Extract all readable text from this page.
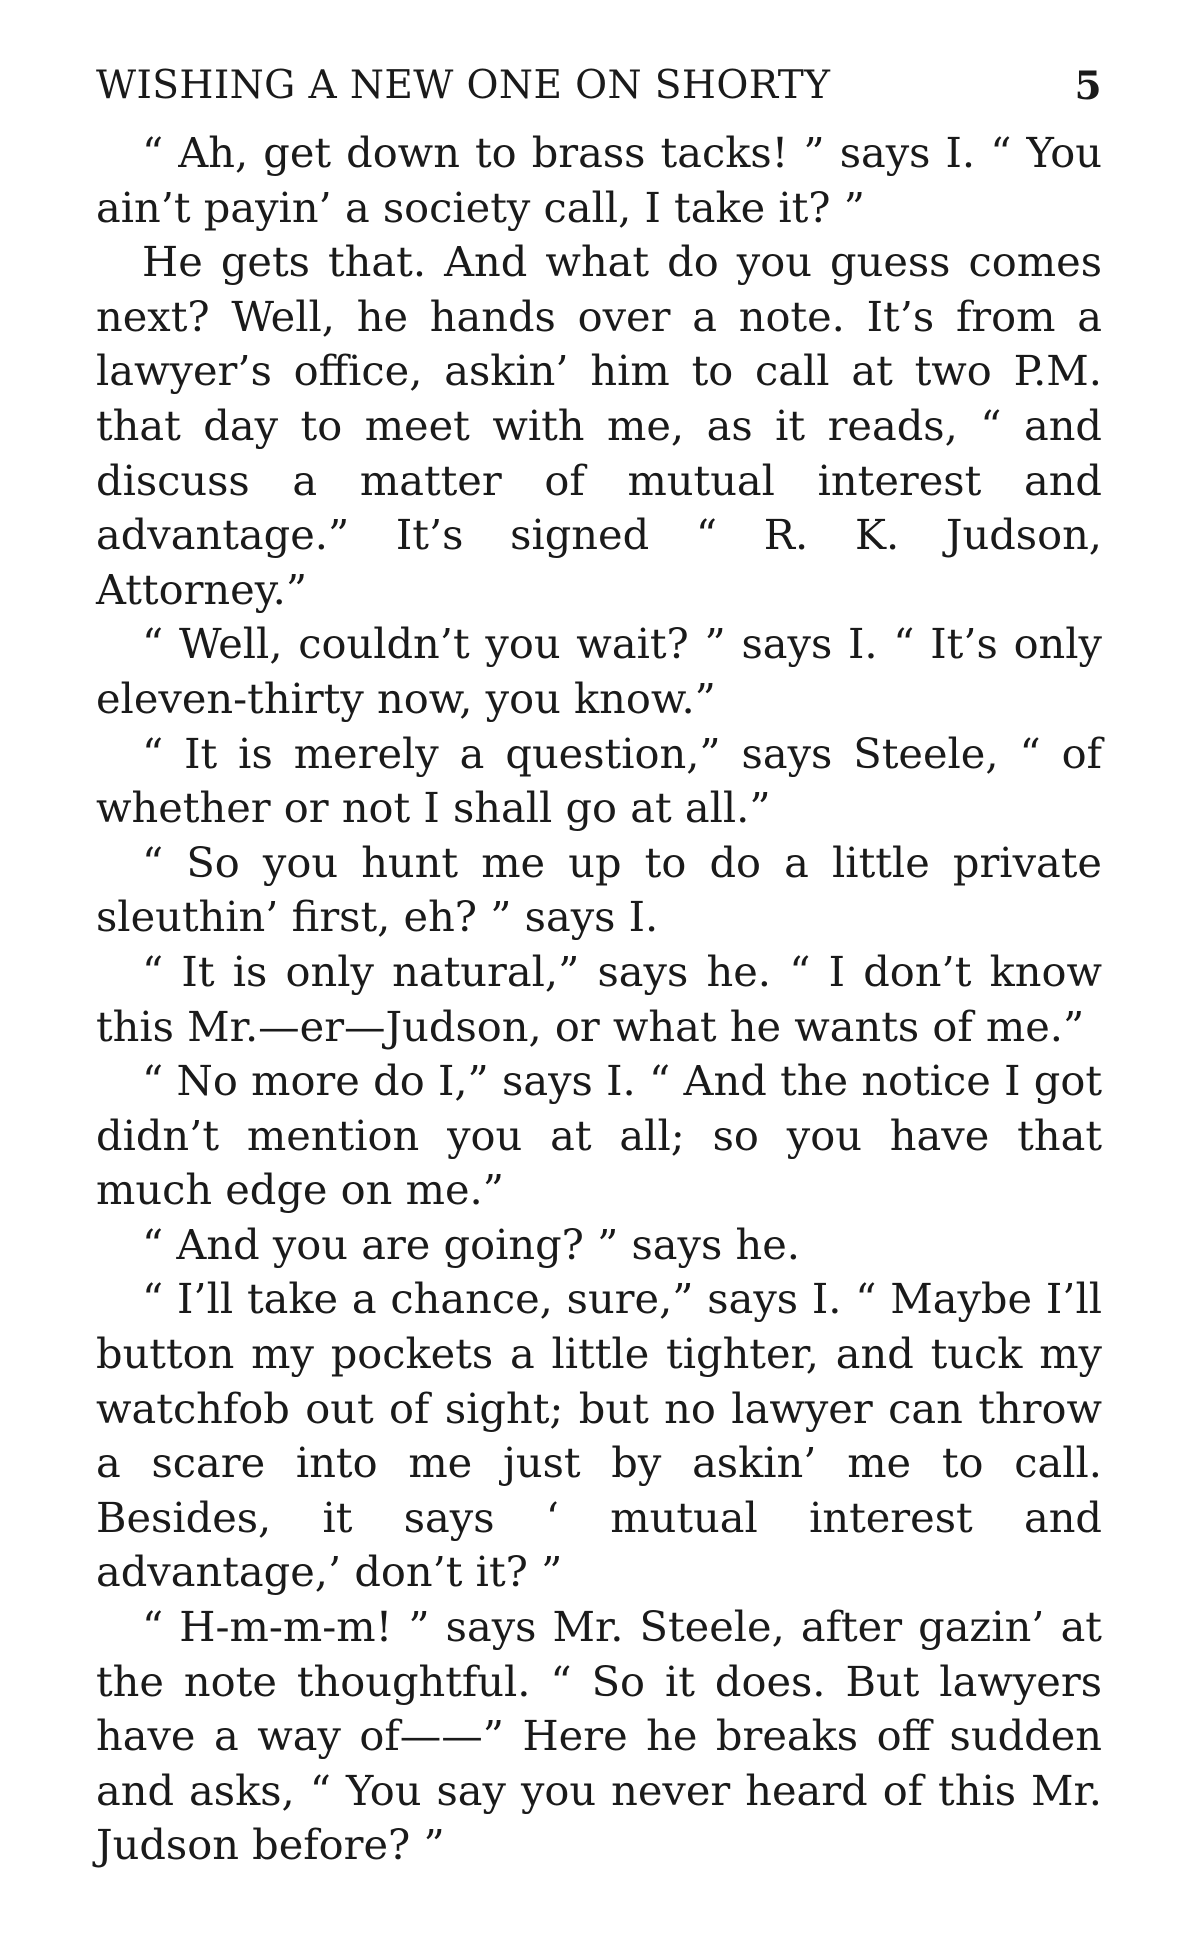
WISHING A NEW ONE ON SHORTY	5

“ Ah, get down to brass tacks! ” says I. “ You ain’t payin’ a society call, I take it? ”

He gets that. And what do you guess comes next? Well, he hands over a note. It’s from a lawyer’s office, askin’ him to call at two P.M. that day to meet with me, as it reads, “ and discuss a matter of mutual interest and advantage.” It’s signed “ R. K. Judson, Attorney.”

“ Well, couldn’t you wait? ” says I. “ It’s only eleven-thirty now, you know.”

“ It is merely a question,” says Steele, “ of whether or not I shall go at all.”

“ So you hunt me up to do a little private sleuthin’ first, eh? ” says I.

“ It is only natural,” says he. “ I don’t know this Mr.—er—Judson, or what he wants of me.”

“ No more do I,” says I. “ And the notice I got didn’t mention you at all; so you have that much edge on me.”

“ And you are going? ” says he.

“ I’ll take a chance, sure,” says I. “ Maybe I’ll button my pockets a little tighter, and tuck my watchfob out of sight; but no lawyer can throw a scare into me just by askin’ me to call. Besides, it says ‘ mutual interest and advantage,’ don’t it? ”

“ H-m-m-m! ” says Mr. Steele, after gazin’ at the note thoughtful. “ So it does. But lawyers have a way of——” Here he breaks off sudden and asks, “ You say you never heard of this Mr. Judson before? ”
